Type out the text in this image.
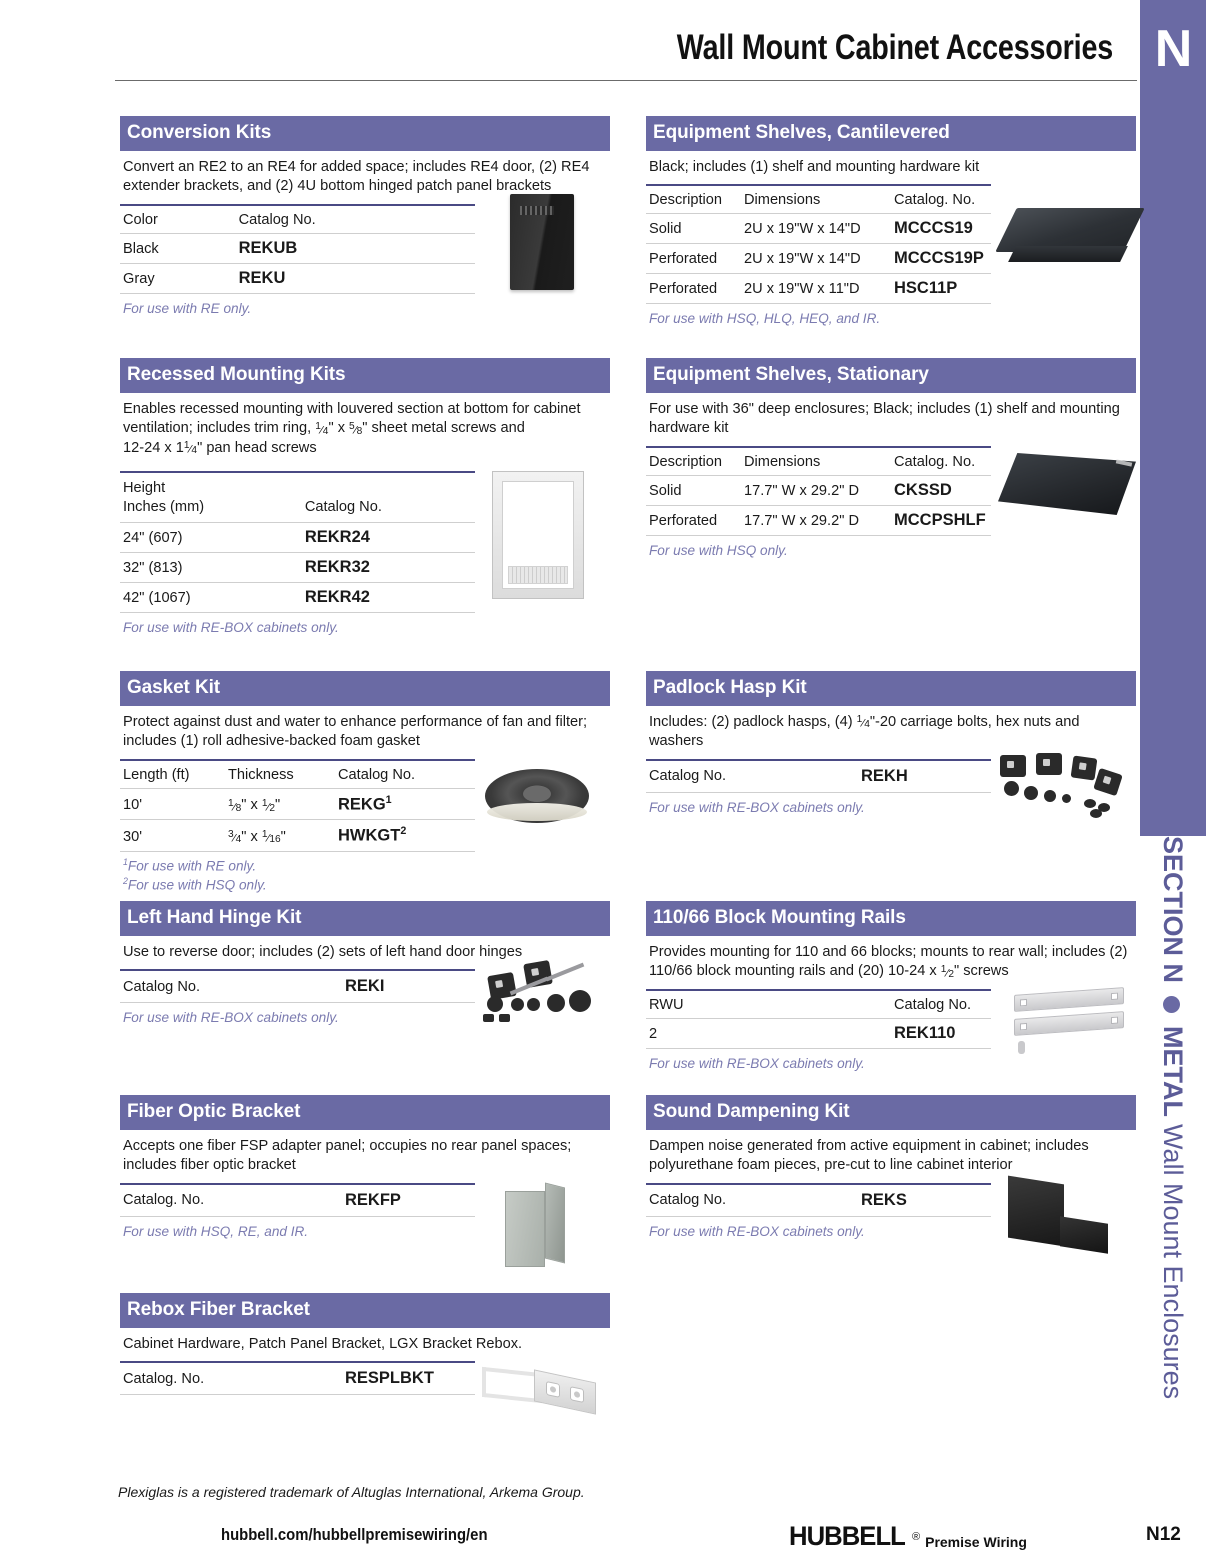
N
SECTION N
METAL
Wall Mount Enclosures
Wall Mount Cabinet Accessories
Conversion Kits
Convert an RE2 to an RE4 for added space; includes RE4 door, (2) RE4 extender brackets, and (2) 4U bottom hinged patch panel brackets
Color	Catalog No.
Black	REKUB
Gray	REKU
For use with RE only.
Recessed Mounting Kits
Enables recessed mounting with louvered section at bottom for cabinet ventilation; includes trim ring, $^1$⁄4" x $^5$⁄8" sheet metal screws and
12-24 x $1^1⁄4$" pan head screws
Height
Inches (mm)	Catalog No.
24" (607)	REKR24
32" (813)	REKR32
42" (1067)	REKR42
For use with RE-BOX cabinets only.
Gasket Kit
Protect against dust and water to enhance performance of fan and filter; includes (1) roll adhesive-backed foam gasket
Length (ft)	Thickness	Catalog No.
10'	$^1$⁄8" x $^1$⁄2"	REKG$^1$
30'	$^3$⁄4" x $^1$⁄16"	HWKGT$^2$
$^1$For use with RE only.
$^2$For use with HSQ only.
Left Hand Hinge Kit
Use to reverse door; includes (2) sets of left hand door hinges
Catalog No.	REKI
For use with RE-BOX cabinets only.
Fiber Optic Bracket
Accepts one fiber FSP adapter panel; occupies no rear panel spaces; includes fiber optic bracket
Catalog. No.	REKFP
For use with HSQ, RE, and IR.
Rebox Fiber Bracket
Cabinet Hardware, Patch Panel Bracket, LGX Bracket Rebox.
Catalog. No.	RESPLBKT
Equipment Shelves, Cantilevered
Black; includes (1) shelf and mounting hardware kit
Description	Dimensions	Catalog. No.
Solid	2U x 19"W x 14"D	MCCCS19
Perforated	2U x 19"W x 14"D	MCCCS19P
Perforated	2U x 19"W x 11"D	HSC11P
For use with HSQ, HLQ, HEQ, and IR.
Equipment Shelves, Stationary
For use with 36" deep enclosures; Black; includes (1) shelf and mounting hardware kit
Description	Dimensions	Catalog. No.
Solid	17.7" W x 29.2" D	CKSSD
Perforated	17.7" W x 29.2" D	MCCPSHLF
For use with HSQ only.
Padlock Hasp Kit
Includes: (2) padlock hasps, (4) $^1$⁄4"-20 carriage bolts, hex nuts and washers
Catalog No.	REKH
For use with RE-BOX cabinets only.
110/66 Block Mounting Rails
Provides mounting for 110 and 66 blocks; mounts to rear wall; includes (2) 110/66 block mounting rails and (20) 10-24 x $^1$⁄2" screws
RWU	Catalog No.
2	REK110
For use with RE-BOX cabinets only.
Sound Dampening Kit
Dampen noise generated from active equipment in cabinet; includes polyurethane foam pieces, pre-cut to line cabinet interior
Catalog No.	REKS
For use with RE-BOX cabinets only.
Plexiglas is a registered trademark of Altuglas International, Arkema Group.
hubbell.com/hubbellpremisewiring/en	HUBBELL ® Premise Wiring	N12
